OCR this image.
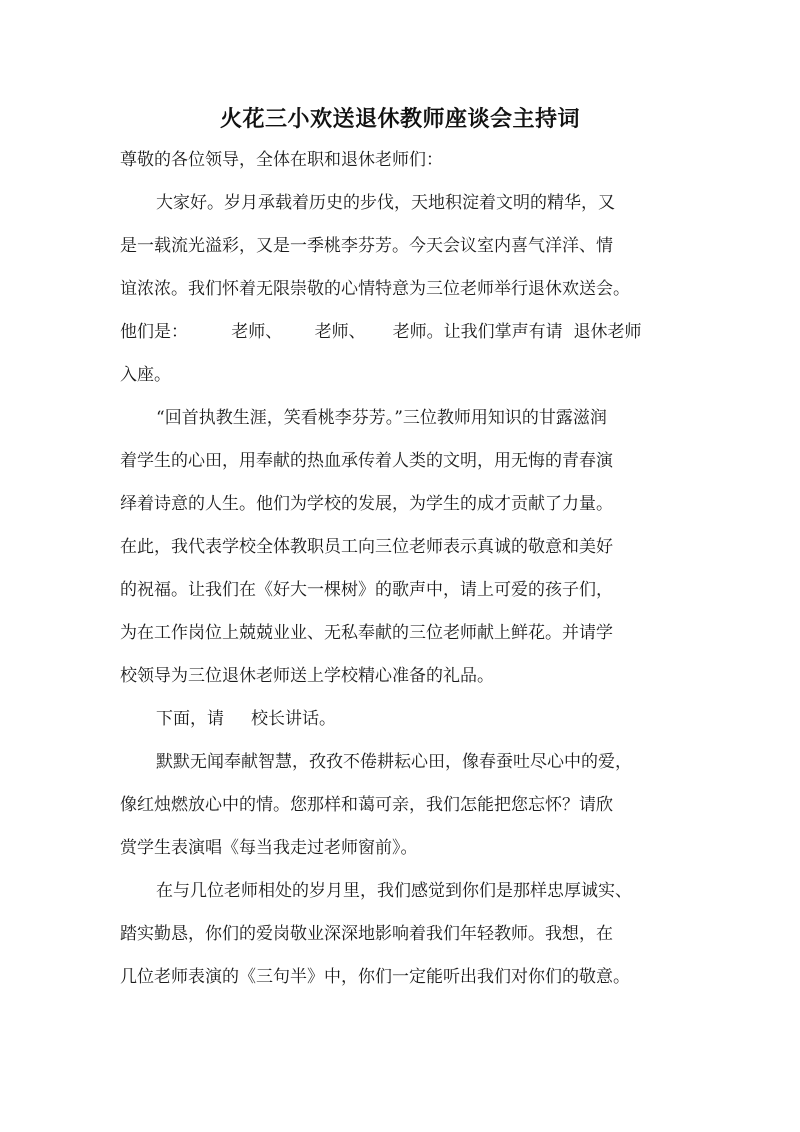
火花三小欢送退休教师座谈会主持词
尊敬的各位领导，全体在职和退休老师们：
大家好。岁月承载着历史的步伐，天地积淀着文明的精华，又
是一载流光溢彩，又是一季桃李芬芳。今天会议室内喜气洋洋、情
谊浓浓。我们怀着无限崇敬的心情特意为三位老师举行退休欢送会。
他们是：        老师、      老师、     老师。让我们掌声有请  退休老师
入座。
“回首执教生涯，笑看桃李芬芳。”三位教师用知识的甘露滋润
着学生的心田，用奉献的热血承传着人类的文明，用无悔的青春演
绎着诗意的人生。他们为学校的发展，为学生的成才贡献了力量。
在此，我代表学校全体教职员工向三位老师表示真诚的敬意和美好
的祝福。让我们在《好大一棵树》的歌声中，请上可爱的孩子们，
为在工作岗位上兢兢业业、无私奉献的三位老师献上鲜花。并请学
校领导为三位退休老师送上学校精心准备的礼品。
下面，请     校长讲话。
默默无闻奉献智慧，孜孜不倦耕耘心田，像春蚕吐尽心中的爱，
像红烛燃放心中的情。您那样和蔼可亲，我们怎能把您忘怀？请欣
赏学生表演唱《每当我走过老师窗前》。
在与几位老师相处的岁月里，我们感觉到你们是那样忠厚诚实、
踏实勤恳，你们的爱岗敬业深深地影响着我们年轻教师。我想，在
几位老师表演的《三句半》中，你们一定能听出我们对你们的敬意。
